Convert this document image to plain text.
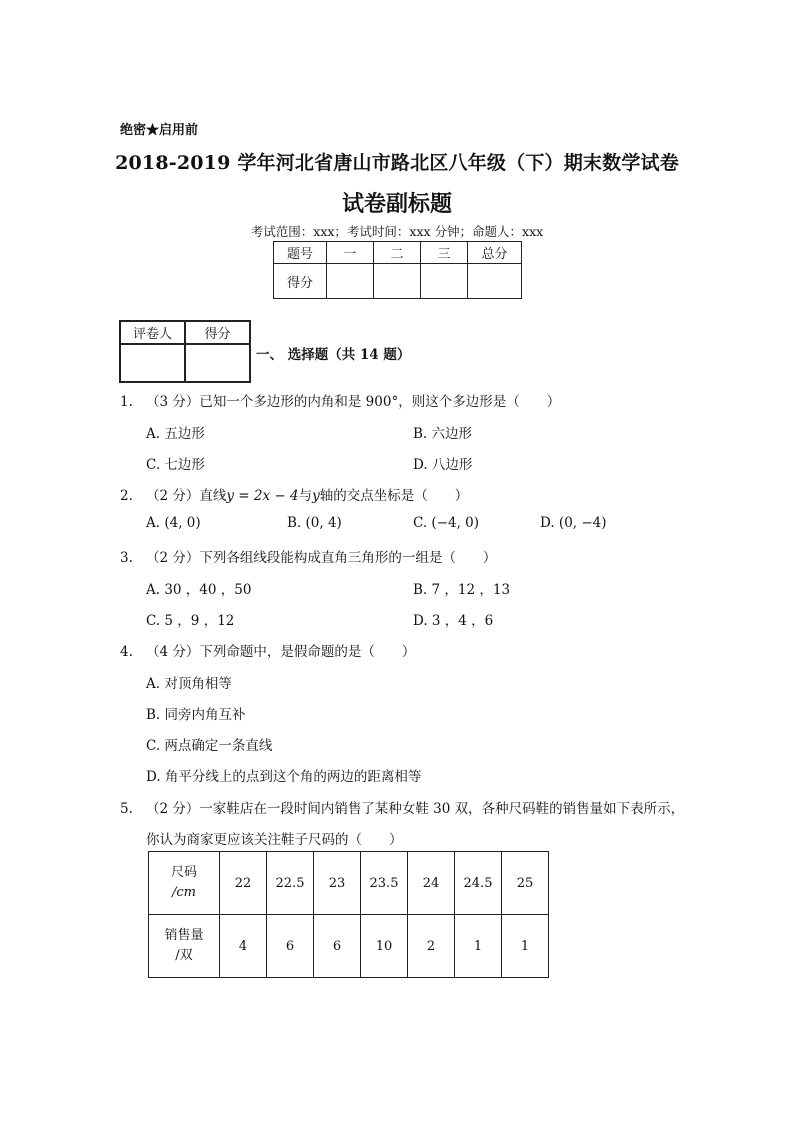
绝密★启用前
2018-2019 学年河北省唐山市路北区八年级（下）期末数学试卷
试卷副标题
考试范围：xxx；考试时间：xxx 分钟；命题人：xxx
题号	一	二	三	总分
得分				
评卷人	得分

一、 选择题（共 14 题）
1. （3 分）已知一个多边形的内角和是 900°，则这个多边形是（　　）
A. 五边形	B. 六边形
C. 七边形	D. 八边形
2. （2 分）直线y = 2x − 4与y轴的交点坐标是（　　）
A. (4, 0)	B. (0, 4)	C. (−4, 0)	D. (0, −4)
3. （2 分）下列各组线段能构成直角三角形的一组是（　　）
A. 30 ，40 ，50	B. 7 ，12 ，13
C. 5 ，9 ，12	D. 3 ，4 ，6
4. （4 分）下列命题中，是假命题的是（　　）
A. 对顶角相等
B. 同旁内角互补
C. 两点确定一条直线
D. 角平分线上的点到这个角的两边的距离相等
5. （2 分）一家鞋店在一段时间内销售了某种女鞋 30 双，各种尺码鞋的销售量如下表所示，
你认为商家更应该关注鞋子尺码的（　　）
尺码
/cm	22	22.5	23	23.5	24	24.5	25

销售量
/双	4	6	6	10	2	1	1
